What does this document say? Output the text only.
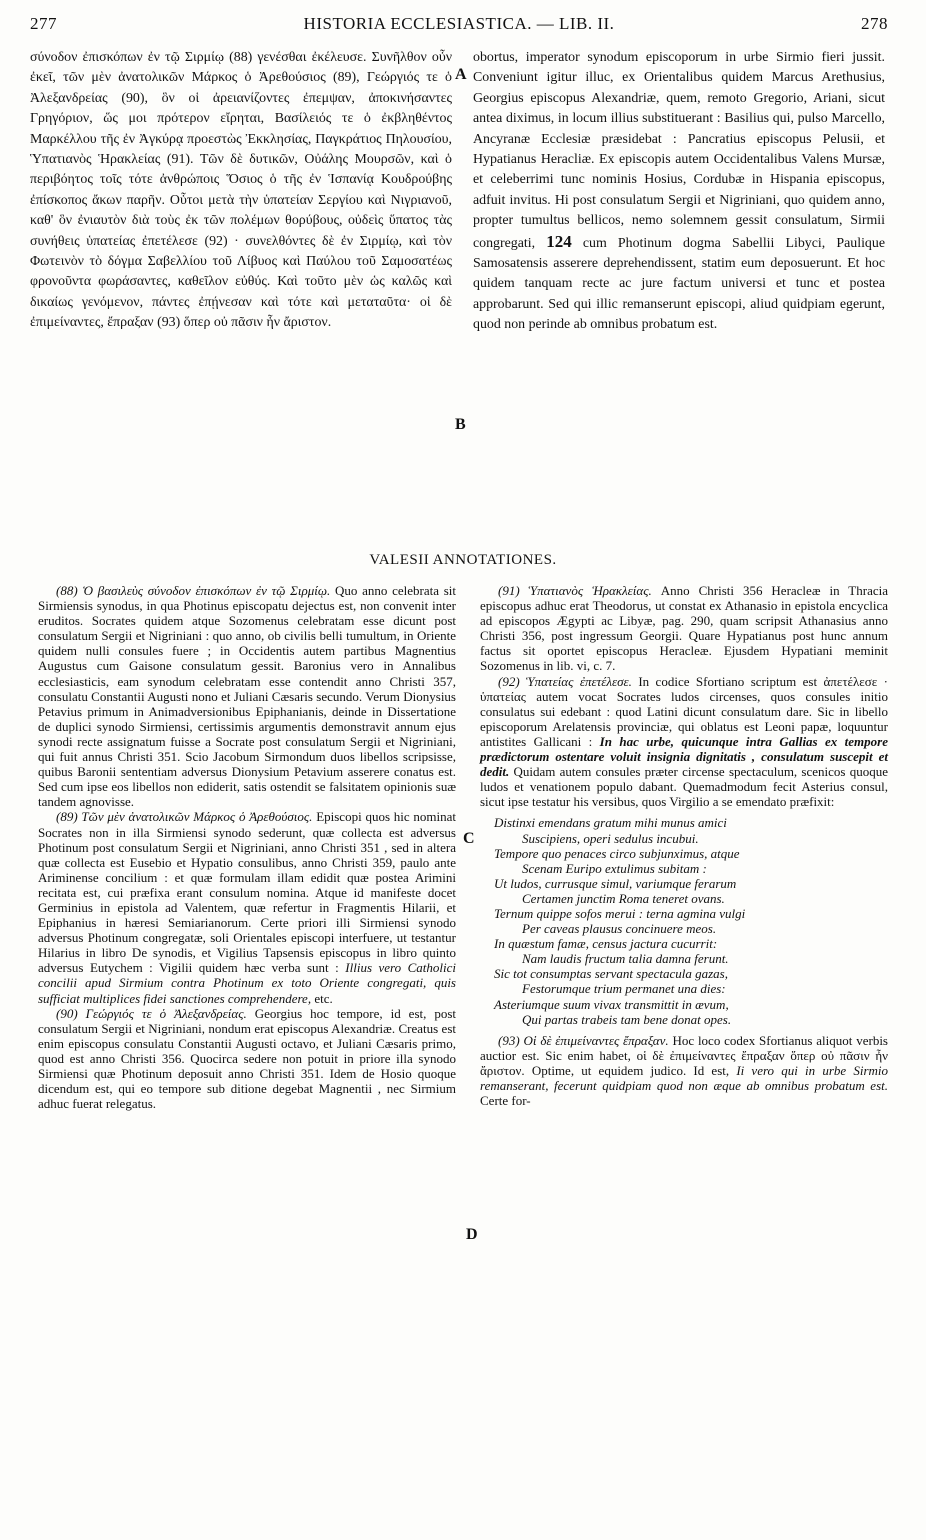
277	HISTORIA ECCLESIASTICA. — LIB. II.	278

σύνοδον ἐπισκόπων ἐν τῷ Σιρμίῳ (88) γενέσθαι ἐκέλευσε. Συνῆλθον οὖν ἐκεῖ, τῶν μὲν ἀνατολικῶν Μάρκος ὁ Ἀρεθούσιος (89), Γεώργιός τε ὁ Ἀλεξανδρείας (90), ὃν οἱ ἀρειανίζοντες ἐπεμψαν, ἀποκινήσαντες Γρηγόριον, ὥς μοι πρότερον εἴρηται, Βασίλειός τε ὁ ἐκβληθέντος Μαρκέλλου τῆς ἐν Ἀγκύρᾳ προεστὼς Ἐκκλησίας, Παγκράτιος Πηλουσίου, Ὑπατιανὸς Ἡρακλείας (91). Τῶν δὲ δυτικῶν, Οὐάλης Μουρσῶν, καὶ ὁ περιβόητος τοῖς τότε ἀνθρώποις Ὅσιος ὁ τῆς ἐν Ἱσπανίᾳ Κουδρούβης ἐπίσκοπος ἄκων παρῆν. Οὗτοι μετὰ τὴν ὑπατείαν Σεργίου καὶ Νιγριανοῦ, καθ' ὃν ἐνιαυτὸν διὰ τοὺς ἐκ τῶν πολέμων θορύβους, οὐδεὶς ὕπατος τὰς συνήθεις ὑπατείας ἐπετέλεσε (92) · συνελθόντες δὲ ἐν Σιρμίῳ, καὶ τὸν Φωτεινὸν τὸ δόγμα Σαβελλίου τοῦ Λίβυος καὶ Παύλου τοῦ Σαμοσατέως φρονοῦντα φωράσαντες, καθεῖλον εὐθύς. Καὶ τοῦτο μὲν ὡς καλῶς καὶ δικαίως γενόμενον, πάντες ἐπῄνεσαν καὶ τότε καὶ μεταταῦτα· οἱ δὲ ἐπιμείναντες, ἔπραξαν (93) ὅπερ οὐ πᾶσιν ἦν ἄριστον.

A
B

obortus, imperator synodum episcoporum in urbe Sirmio fieri jussit. Conveniunt igitur illuc, ex Orientalibus quidem Marcus Arethusius, Georgius episcopus Alexandriæ, quem, remoto Gregorio, Ariani, sicut antea diximus, in locum illius substituerant : Basilius qui, pulso Marcello, Ancyranæ Ecclesiæ præsidebat : Pancratius episcopus Pelusii, et Hypatianus Heracliæ. Ex episcopis autem Occidentalibus Valens Mursæ, et celeberrimi tunc nominis Hosius, Cordubæ in Hispania episcopus, adfuit invitus. Hi post consulatum Sergii et Nigriniani, quo quidem anno, propter tumultus bellicos, nemo solemnem gessit consulatum, Sirmii congregati, 124 cum Photinum dogma Sabellii Libyci, Paulique Samosatensis asserere deprehendissent, statim eum deposuerunt. Et hoc quidem tanquam recte ac jure factum universi et tunc et postea approbarunt. Sed qui illic remanserunt episcopi, aliud quidpiam egerunt, quod non perinde ab omnibus probatum est.

VALESII ANNOTATIONES.
C
D

(88) Ὁ βασιλεὺς σύνοδον ἐπισκόπων ἐν τῷ Σιρμίῳ. Quo anno celebrata sit Sirmiensis synodus, in qua Photinus episcopatu dejectus est, non convenit inter eruditos. Socrates quidem atque Sozomenus celebratam esse dicunt post consulatum Sergii et Nigriniani : quo anno, ob civilis belli tumultum, in Oriente quidem nulli consules fuere ; in Occidentis autem partibus Magnentius Augustus cum Gaisone consulatum gessit. Baronius vero in Annalibus ecclesiasticis, eam synodum celebratam esse contendit anno Christi 357, consulatu Constantii Augusti nono et Juliani Cæsaris secundo. Verum Dionysius Petavius primum in Animadversionibus Epiphanianis, deinde in Dissertatione de duplici synodo Sirmiensi, certissimis argumentis demonstravit annum ejus synodi recte assignatum fuisse a Socrate post consulatum Sergii et Nigriniani, qui fuit annus Christi 351. Scio Jacobum Sirmondum duos libellos scripsisse, quibus Baronii sententiam adversus Dionysium Petavium asserere conatus est. Sed cum ipse eos libellos non ediderit, satis ostendit se falsitatem opinionis suæ tandem agnovisse.

(89) Τῶν μὲν ἀνατολικῶν Μάρκος ὁ Ἀρεθούσιος. Episcopi quos hic nominat Socrates non in illa Sirmiensi synodo sederunt, quæ collecta est adversus Photinum post consulatum Sergii et Nigriniani, anno Christi 351 , sed in altera quæ collecta est Eusebio et Hypatio consulibus, anno Christi 359, paulo ante Ariminense concilium : et quæ formulam illam edidit quæ postea Arimini recitata est, cui præfixa erant consulum nomina. Atque id manifeste docet Germinius in epistola ad Valentem, quæ refertur in Fragmentis Hilarii, et Epiphanius in hæresi Semiarianorum. Certe priori illi Sirmiensi synodo adversus Photinum congregatæ, soli Orientales episcopi interfuere, ut testantur Hilarius in libro De synodis, et Vigilius Tapsensis episcopus in libro quinto adversus Eutychem : Vigilii quidem hæc verba sunt : Illius vero Catholici concilii apud Sirmium contra Photinum ex toto Oriente congregati, quis sufficiat multiplices fidei sanctiones comprehendere, etc.

(90) Γεώργιός τε ὁ Ἀλεξανδρείας. Georgius hoc tempore, id est, post consulatum Sergii et Nigriniani, nondum erat episcopus Alexandriæ. Creatus est enim episcopus consulatu Constantii Augusti octavo, et Juliani Cæsaris primo, quod est anno Christi 356. Quocirca sedere non potuit in priore illa synodo Sirmiensi quæ Photinum deposuit anno Christi 351. Idem de Hosio quoque dicendum est, qui eo tempore sub ditione degebat Magnentii , nec Sirmium adhuc fuerat relegatus.

(91) Ὑπατιανὸς Ἡρακλείας. Anno Christi 356 Heracleæ in Thracia episcopus adhuc erat Theodorus, ut constat ex Athanasio in epistola encyclica ad episcopos Ægypti ac Libyæ, pag. 290, quam scripsit Athanasius anno Christi 356, post ingressum Georgii. Quare Hypatianus post hunc annum factus sit oportet episcopus Heracleæ. Ejusdem Hypatiani meminit Sozomenus in lib. vi, c. 7.

(92) Ὑπατείας ἐπετέλεσε. In codice Sfortiano scriptum est ἀπετέλεσε · ὑπατείας autem vocat Socrates ludos circenses, quos consules initio consulatus sui edebant : quod Latini dicunt consulatum dare. Sic in libello episcoporum Arelatensis provinciæ, qui oblatus est Leoni papæ, loquuntur antistites Gallicani : In hac urbe, quicunque intra Gallias ex tempore prædictorum ostentare voluit insignia dignitatis , consulatum suscepit et dedit. Quidam autem consules præter circense spectaculum, scenicos quoque ludos et venationem populo dabant. Quemadmodum fecit Asterius consul, sicut ipse testatur his versibus, quos Virgilio a se emendato præfixit:

Distinxi emendans gratum mihi munus amici
Suscipiens, operi sedulus incubui.
Tempore quo penaces circo subjunximus, atque
Scenam Euripo extulimus subitam :
Ut ludos, currusque simul, variumque ferarum
Certamen junctim Roma teneret ovans.
Ternum quippe sofos merui : terna agmina vulgi
Per caveas plausus concinuere meos.
In quæstum famæ, census jactura cucurrit:
Nam laudis fructum talia damna ferunt.
Sic tot consumptas servant spectacula gazas,
Festorumque trium permanet una dies:
Asteriumque suum vivax transmittit in ævum,
Qui partas trabeis tam bene donat opes.

(93) Οἱ δὲ ἐπιμείναντες ἔπραξαν. Hoc loco codex Sfortianus aliquot verbis auctior est. Sic enim habet, οἱ δὲ ἐπιμείναντες ἔπραξαν ὅπερ οὐ πᾶσιν ἦν ἄριστον. Optime, ut equidem judico. Id est, Ii vero qui in urbe Sirmio remanserant, fecerunt quidpiam quod non æque ab omnibus probatum est. Certe for-
